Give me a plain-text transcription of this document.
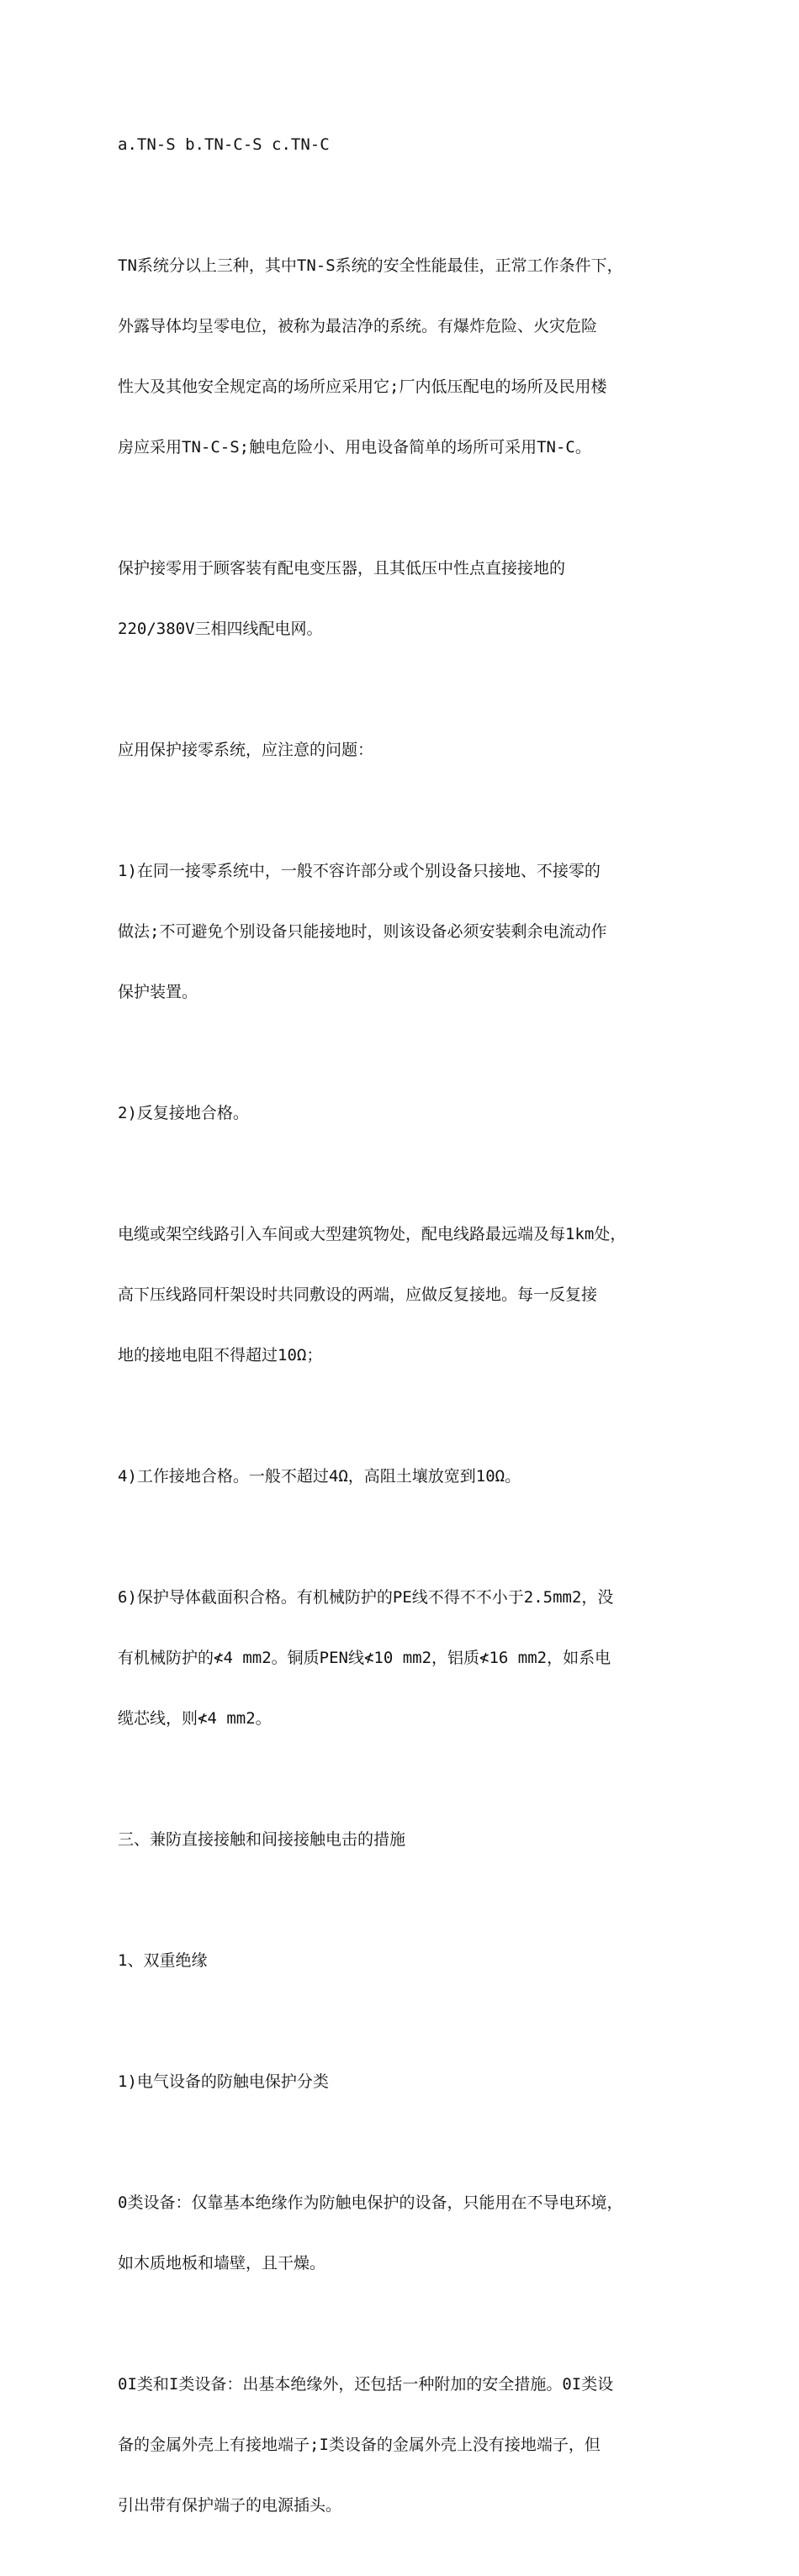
a.TN-S b.TN-C-S c.TN-C

TN系统分以上三种，其中TN-S系统的安全性能最佳，正常工作条件下，

外露导体均呈零电位，被称为最洁净的系统。有爆炸危险、火灾危险

性大及其他安全规定高的场所应采用它;厂内低压配电的场所及民用楼

房应采用TN-C-S;触电危险小、用电设备简单的场所可采用TN-C。

保护接零用于顾客装有配电变压器，且其低压中性点直接接地的

220/380V三相四线配电网。

应用保护接零系统，应注意的问题：

1)在同一接零系统中，一般不容许部分或个别设备只接地、不接零的

做法;不可避免个别设备只能接地时，则该设备必须安装剩余电流动作

保护装置。

2)反复接地合格。

电缆或架空线路引入车间或大型建筑物处，配电线路最远端及每1km处，

高下压线路同杆架设时共同敷设的两端，应做反复接地。每一反复接

地的接地电阻不得超过10Ω；

4)工作接地合格。一般不超过4Ω，高阻土壤放宽到10Ω。

6)保护导体截面积合格。有机械防护的PE线不得不不小于2.5mm2，没

有机械防护的≮4 mm2。铜质PEN线≮10 mm2，铝质≮16 mm2，如系电

缆芯线，则≮4 mm2。

三、兼防直接接触和间接接触电击的措施

1、双重绝缘

1)电气设备的防触电保护分类

0类设备：仅靠基本绝缘作为防触电保护的设备，只能用在不导电环境，

如木质地板和墙壁，且干燥。

0I类和I类设备：出基本绝缘外，还包括一种附加的安全措施。0I类设

备的金属外壳上有接地端子;I类设备的金属外壳上没有接地端子，但

引出带有保护端子的电源插头。
